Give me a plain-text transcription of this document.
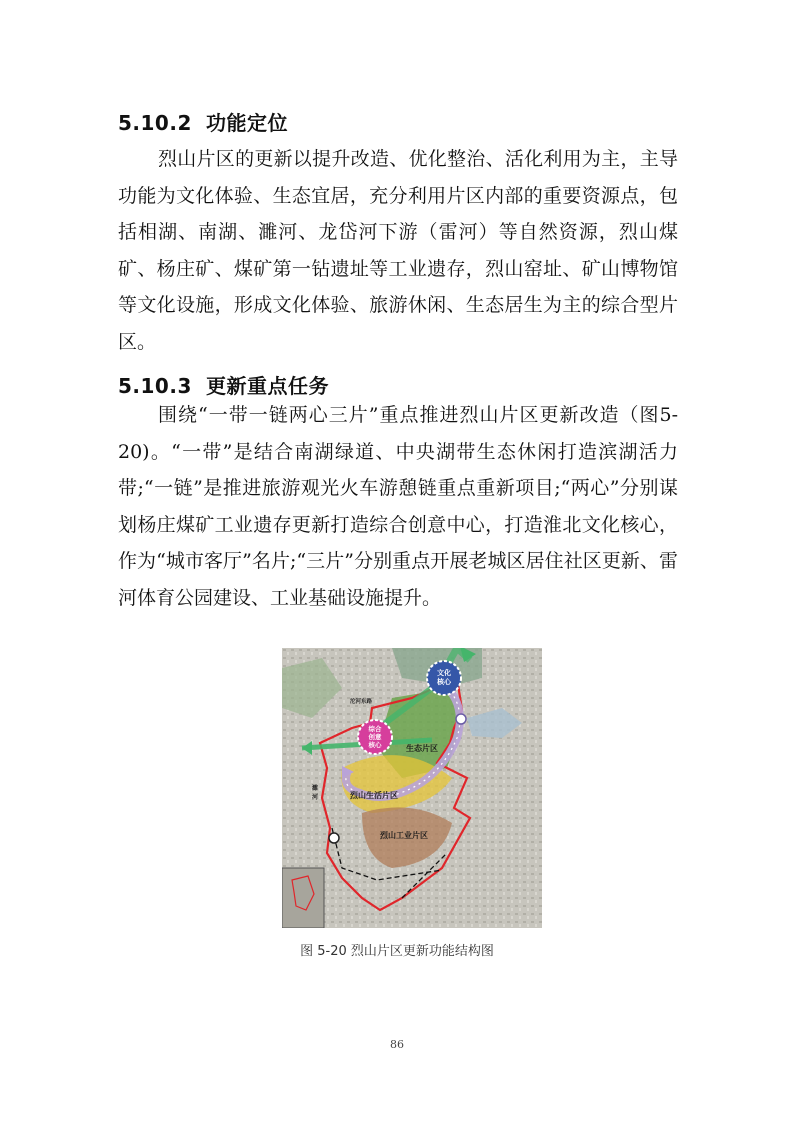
5.10.2 功能定位

烈山片区的更新以提升改造、优化整治、活化利用为主，主导功能为文化体验、生态宜居，充分利用片区内部的重要资源点，包括相湖、南湖、濉河、龙岱河下游（雷河）等自然资源，烈山煤矿、杨庄矿、煤矿第一钻遗址等工业遗存，烈山窑址、矿山博物馆等文化设施，形成文化体验、旅游休闲、生态居生为主的综合型片区。

5.10.3 更新重点任务

围绕“一带一链两心三片”重点推进烈山片区更新改造（图5-20)。“一带”是结合南湖绿道、中央湖带生态休闲打造滨湖活力带;“一链”是推进旅游观光火车游憩链重点重新项目;“两心”分别谋划杨庄煤矿工业遗存更新打造综合创意中心，打造淮北文化核心，作为“城市客厅”名片;“三片”分别重点开展老城区居住社区更新、雷河体育公园建设、工业基础设施提升。

文化
核心
综合
创意
核心	生态片区
烈山生活片区
烈山工业片区
沱河东路
濉
河
图 5-20 烈山片区更新功能结构图
86
